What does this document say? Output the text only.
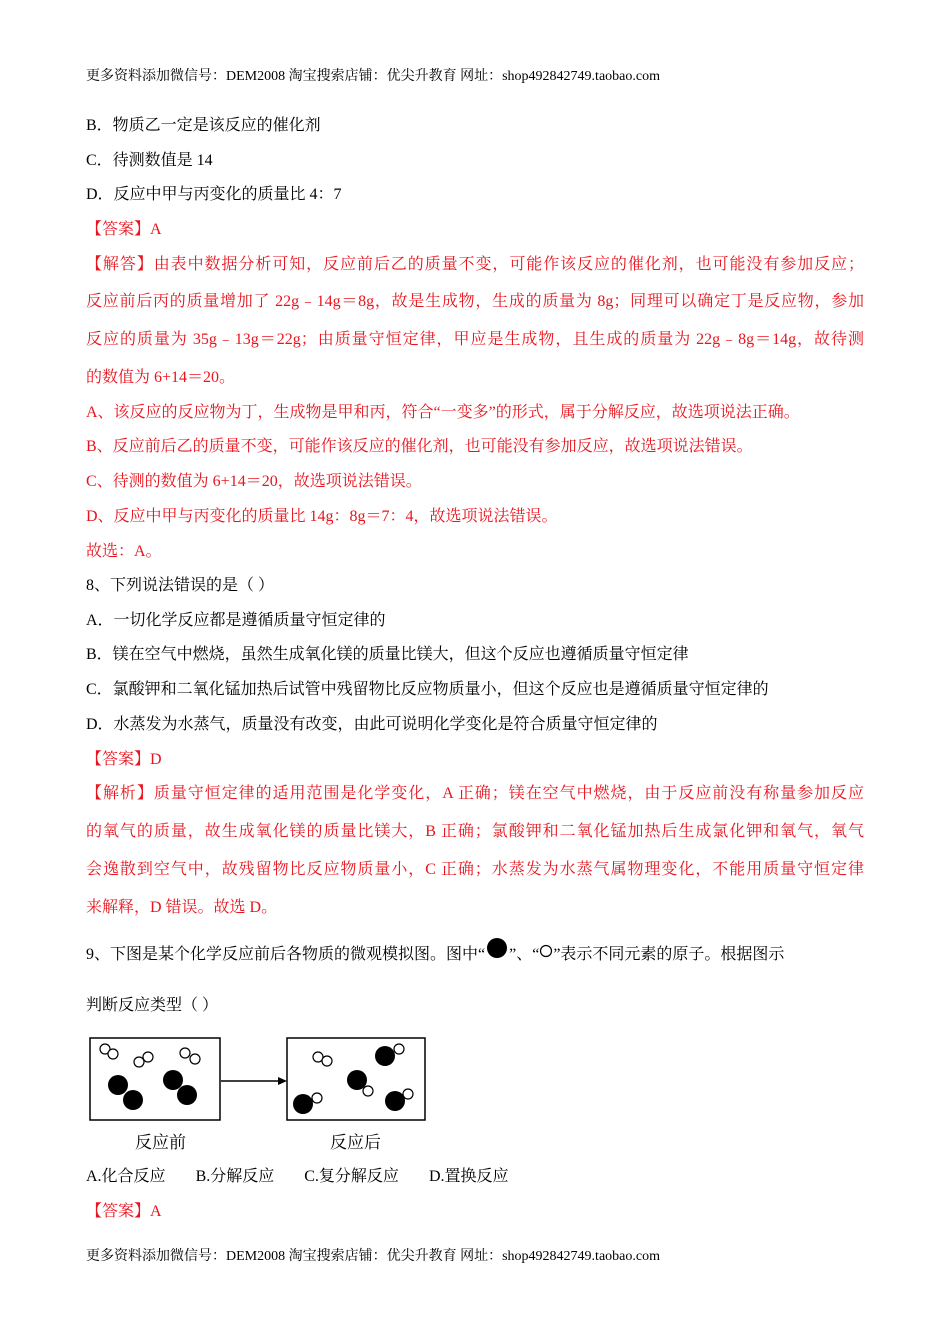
更多资料添加微信号：DEM2008 淘宝搜索店铺：优尖升教育 网址：shop492842749.taobao.com
B．物质乙一定是该反应的催化剂
C．待测数值是 14
D．反应中甲与丙变化的质量比 4：7
【答案】A
【解答】由表中数据分析可知，反应前后乙的质量不变，可能作该反应的催化剂，也可能没有参加反应；
反应前后丙的质量增加了 22g﹣14g＝8g，故是生成物，生成的质量为 8g；同理可以确定丁是反应物，参加
反应的质量为 35g﹣13g＝22g；由质量守恒定律，甲应是生成物，且生成的质量为 22g﹣8g＝14g，故待测
的数值为 6+14＝20。
A、该反应的反应物为丁，生成物是甲和丙，符合“一变多”的形式，属于分解反应，故选项说法正确。
B、反应前后乙的质量不变，可能作该反应的催化剂，也可能没有参加反应，故选项说法错误。
C、待测的数值为 6+14＝20，故选项说法错误。
D、反应中甲与丙变化的质量比 14g：8g＝7：4，故选项说法错误。
故选：A。
8、下列说法错误的是（ ）
A．一切化学反应都是遵循质量守恒定律的
B．镁在空气中燃烧，虽然生成氧化镁的质量比镁大，但这个反应也遵循质量守恒定律
C．氯酸钾和二氧化锰加热后试管中残留物比反应物质量小，但这个反应也是遵循质量守恒定律的
D．水蒸发为水蒸气，质量没有改变，由此可说明化学变化是符合质量守恒定律的
【答案】D
【解析】质量守恒定律的适用范围是化学变化，A 正确；镁在空气中燃烧，由于反应前没有称量参加反应
的氧气的质量，故生成氧化镁的质量比镁大，B 正确；氯酸钾和二氧化锰加热后生成氯化钾和氧气，氧气
会逸散到空气中，故残留物比反应物质量小，C 正确；水蒸发为水蒸气属物理变化，不能用质量守恒定律
来解释，D 错误。故选 D。
9、下图是某个化学反应前后各物质的微观模拟图。图中“ ”、“ ”表示不同元素的原子。根据图示
判断反应类型（ ）
反应前	反应后
A.化合反应 B.分解反应 C.复分解反应 D.置换反应
【答案】A
更多资料添加微信号：DEM2008 淘宝搜索店铺：优尖升教育 网址：shop492842749.taobao.com
